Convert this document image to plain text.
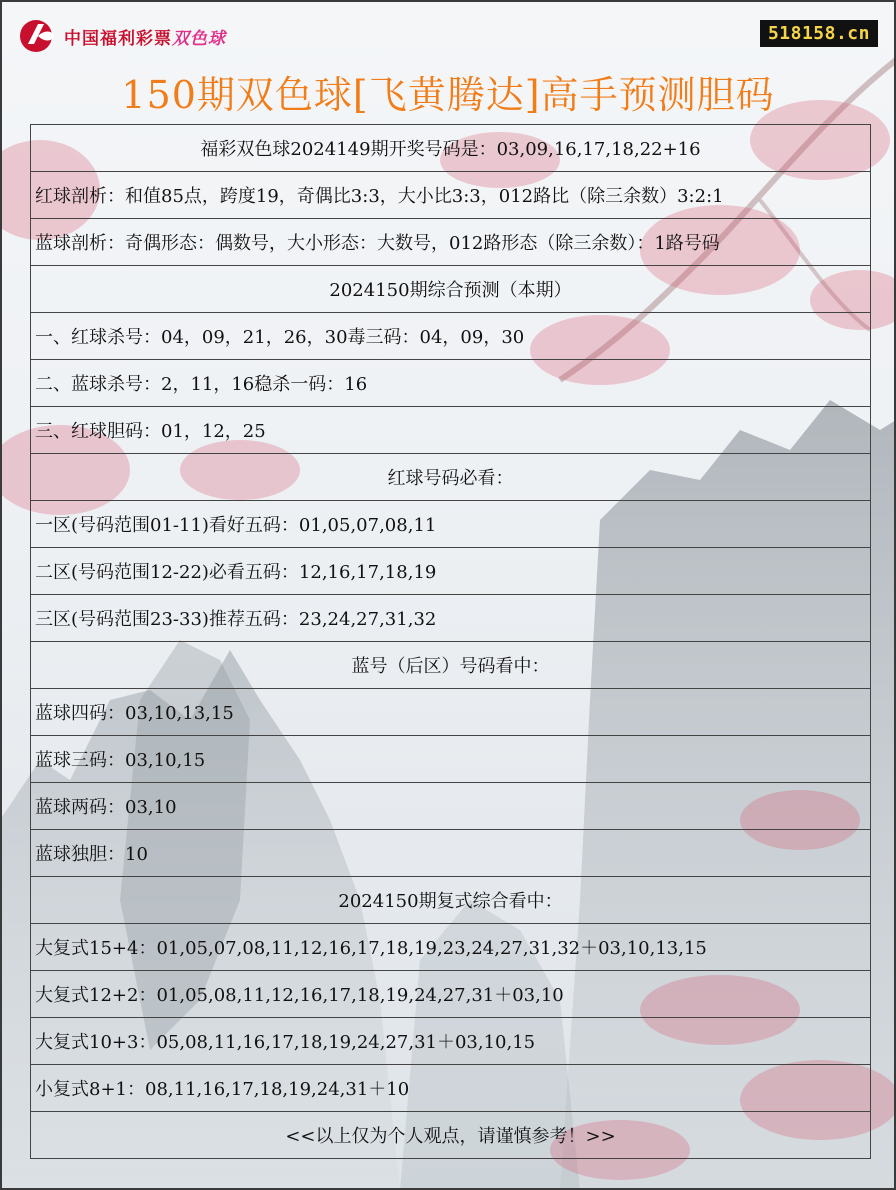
中国福利彩票双色球	518158.cn
150期双色球[飞黄腾达]高手预测胆码
福彩双色球2024149期开奖号码是：03,09,16,17,18,22+16
红球剖析：和值85点，跨度19，奇偶比3:3，大小比3:3，012路比（除三余数）3:2:1
蓝球剖析：奇偶形态：偶数号，大小形态：大数号，012路形态（除三余数）：1路号码
2024150期综合预测（本期）
一、红球杀号：04，09，21，26，30毒三码：04，09，30
二、蓝球杀号：2，11，16稳杀一码：16
三、红球胆码：01，12，25
红球号码必看：
一区(号码范围01-11)看好五码：01,05,07,08,11
二区(号码范围12-22)必看五码：12,16,17,18,19
三区(号码范围23-33)推荐五码：23,24,27,31,32
蓝号（后区）号码看中：
蓝球四码：03,10,13,15
蓝球三码：03,10,15
蓝球两码：03,10
蓝球独胆：10
2024150期复式综合看中：
大复式15+4：01,05,07,08,11,12,16,17,18,19,23,24,27,31,32＋03,10,13,15
大复式12+2：01,05,08,11,12,16,17,18,19,24,27,31＋03,10
大复式10+3：05,08,11,16,17,18,19,24,27,31＋03,10,15
小复式8+1：08,11,16,17,18,19,24,31＋10
<<以上仅为个人观点，请谨慎参考！>>
